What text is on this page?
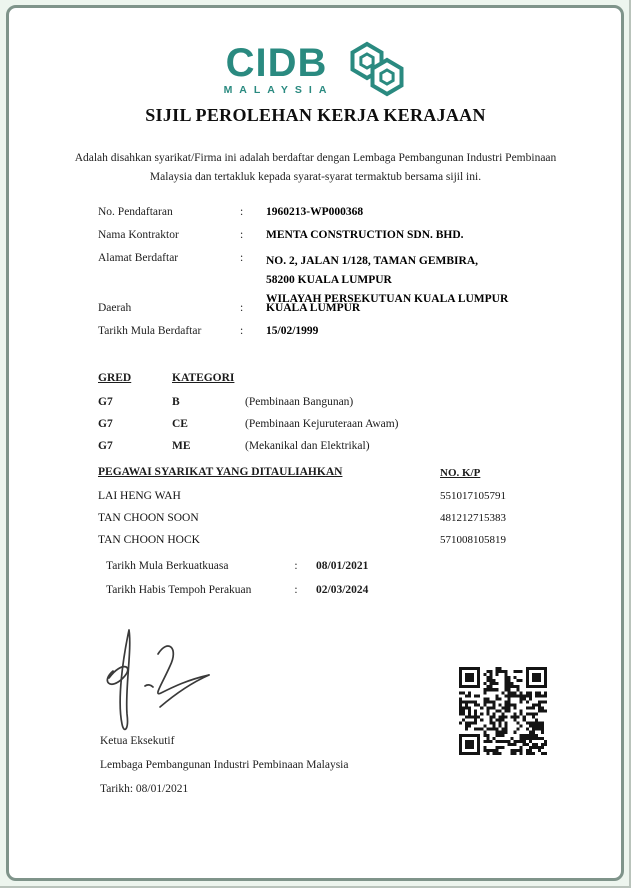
CIDB
MALAYSIA
SIJIL PEROLEHAN KERJA KERAJAAN
Adalah disahkan syarikat/Firma ini adalah berdaftar dengan Lembaga Pembangunan Industri Pembinaan
Malaysia dan tertakluk kepada syarat-syarat termaktub bersama sijil ini.
No. Pendaftaran	:	1960213-WP000368
Nama Kontraktor	:	MENTA CONSTRUCTION SDN. BHD.
Alamat Berdaftar	:	NO. 2, JALAN 1/128, TAMAN GEMBIRA,
58200 KUALA LUMPUR
WILAYAH PERSEKUTUAN KUALA LUMPUR
Daerah	:	KUALA LUMPUR
Tarikh Mula Berdaftar	:	15/02/1999
GRED	KATEGORI
G7	B	(Pembinaan Bangunan)
G7	CE	(Pembinaan Kejuruteraan Awam)
G7	ME	(Mekanikal dan Elektrikal)
PEGAWAI SYARIKAT YANG DITAULIAHKAN	NO. K/P
LAI HENG WAH	551017105791
TAN CHOON SOON	481212715383
TAN CHOON HOCK	571008105819
Tarikh Mula Berkuatkuasa	:	08/01/2021
Tarikh Habis Tempoh Perakuan	:	02/03/2024
Ketua Eksekutif
Lembaga Pembangunan Industri Pembinaan Malaysia
Tarikh: 08/01/2021
